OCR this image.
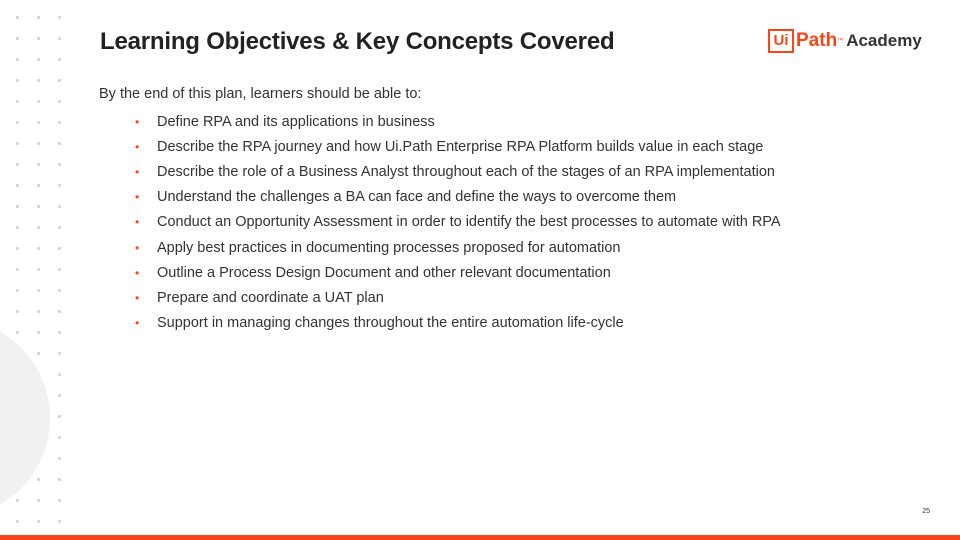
Learning Objectives & Key Concepts Covered	Ui Path ™ Academy
By the end of this plan, learners should be able to:
•	Define RPA and its applications in business
•	Describe the RPA journey and how Ui.Path Enterprise RPA Platform builds value in each stage
•	Describe the role of a Business Analyst throughout each of the stages of an RPA implementation
•	Understand the challenges a BA can face and define the ways to overcome them
•	Conduct an Opportunity Assessment in order to identify the best processes to automate with RPA
•	Apply best practices in documenting processes proposed for automation
•	Outline a Process Design Document and other relevant documentation
•	Prepare and coordinate a UAT plan
•	Support in managing changes throughout the entire automation life-cycle
25
